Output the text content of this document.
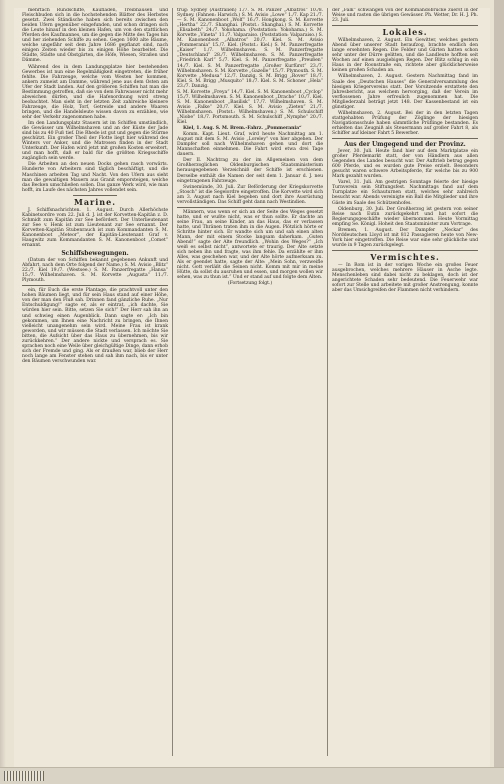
mehrfach Rundschiffe, Kaufladen, Treibhäusen und Fleischbuden sich in die hochstehenden Blätter des Herbstes gesetzt. Zwei Ständische haben sich bereits zwischen den beiden Ufern gegenüber eingefunden, und schon dringen sich die Leute hinauf in den kleinen Hafen, um von den stattlichen Pferden des Kaufmannes, um die gegen die Mitte des Tages hin und her ziehenden Schiffe zu sehen. Gegen 1600 alte Bäume, welche ungefähr seit dem Jahre 1686 gepflanzt sind, nach einigen Zeiten wieder bis zu einigen Höhe bearbeitet. Die Städte, Städte und Obstgärten, die Höfe, Wiesen, Straßen und Dämme.

Während des in dem Landungsplatze hier bestehenden Gewerbes ist nun eine Regelmäßigkeit eingetreten, die früher fehlte. Die Fahrzeuge, welche vom Westen her kommen, ankern zumeist am Damme, während jene aus dem Osten am Ufer der Stadt landen. Auf den größeren Schiffen hat man die Bestimmung getroffen, daß sie von dem Fahrwasser nicht mehr abweichen dürfen, und die Hafenordnung wird streng beobachtet. Man sieht in der letzten Zeit zahlreiche kleinere Fahrzeuge, die Holz, Torf, Getreide und andere Waaren bringen, und die Handelsleute wissen davon zu erzählen, wie sehr der Verkehr zugenommen habe.

Im den Landungsplatz Stauern ist im Schiffen umständlich, die Gewässer um Wilhelmshaven und an der Küste der Jade sind bis zu 40 Fuß tief. Die Rhede ist gut und gegen die Stürme geschützt. Ein großer Theil der Flotte liegt hier während des Winters vor Anker, und die Matrosen finden in der Stadt Unterkunft. Der Hafen wird jetzt mit großen Kosten erweitert, und man hofft, daß er bald für die größten Kriegsschiffe zugänglich sein werde.

Die Arbeiten an den neuen Docks gehen rasch vorwärts. Hunderte von Arbeitern sind täglich beschäftigt, und die Maschinen arbeiten Tag und Nacht. Von den Ufern aus sieht man die gewaltigen Mauern aus Granit emporsteigen, welche das Becken umschließen sollen. Das ganze Werk wird, wie man hofft, im Laufe des nächsten Jahres vollendet sein.

Marine.

J. Schiffsnachrichten. 1. August. Durch Allerhöchste Kabinetsordre vom 22. Juli d. J. ist der Korvetten-Kapitän z. D. Schmidt zum Kapitän zur See befördert. Der Unterlieutenant zur See v. Henk ist zum Lieutenant zur See ernannt. Der Korvetten-Kapitän Stubenrauch ist zum Kommandanten S. M. Kanonenboot „Meteor“, der Kapitän-Lieutenant Graf v. Haugwitz zum Kommandanten S. M. Kanonenboot „Comet“ ernannt.

Schiffsbewegungen.

(Datum der von Schiffen bekannt gegebenen Ankunft und Abfahrt, nach dem Orte folgend der Name.) S. M. Avisio „Blitz“ 22./7. Kiel 19./7. (Westsee.) S. M. Panzerfregatte „Hansa“ 15./7. Wilhelmshaven. S. M. Korvette „Augusta“ 11./7. Plymouth.

ein, für Euch die erste Plantage, die prachtvoll unter den hohen Bäumen liegt, und für sein Haus stand auf einer Höhe, von der man den Fluß sah. Drinnen fand gänzliche Ruhe. „Nur Entschuldigung!“ sagte er, als er eintrat, „ich dachte, Sie würden hier sein. Bitte, setzen Sie sich!“ Der Herr sah ihn an und schwieg einen Augenblick. Dann sagte er: „Ich bin gekommen, um Ihnen eine Nachricht zu bringen, die Ihnen vielleicht unangenehm sein wird. Meine Frau ist krank geworden, und wir müssen die Stadt verlassen. Ich möchte Sie bitten, die Aufsicht über das Haus zu übernehmen, bis wir zurückkehren.“ Der andere nickte und versprach es. Sie sprachen noch eine Weile über gleichgültige Dinge, dann erhob sich der Fremde und ging. Als er draußen war, blieb der Herr noch lange am Fenster stehen und sah ihm nach, bis er unter den Bäumen verschwunden war.

trug: Sydney (Australien) 1./7. S. M. Panzer „Albatros“ 10./8. Sydney. (Fahnen: Harwich.) S. M. Avisio „Lowe“ 1./7. Kap 21./7. — S. M. Kanonenboot „Wolf“ 16./7. Hongkong. S. M. Korvette „Hertha“ 22./7. Shanghai. (Postst.: Shanghai.) S. M. Korvette „Elisabeth“ 24./7. Yokohama. (Poststation: Yokohama.) S. M. Korvette „Vineta“ 11./7. Valparaiso. (Poststation: Valparaiso.) S. M. Kanonenboot „Albatros“ 20./7. Kiel. S. M. Avisio „Pommerania“ 15./7. Kiel. (Postst.: Kiel.) S. M. Panzerfregatte „Kaiser“ 1./7. Wilhelmshaven. S. M. Panzerfregatte „Deutschland“ 28./7. Wilhelmshaven. S. M. Panzerfregatte „Friedrich Karl“ 5./7. Kiel. S. M. Panzerfregatte „Preußen“ 14./7. Kiel. S. M. Panzerfregatte „Großer Kurfürst“ 23./7. Wilhelmshaven. S. M. Korvette „Gazelle“ 15./7. Plymouth. S. M. Korvette „Medusa“ 12./7. Danzig. S. M. Brigg „Rover“ 18./7. Kiel. S. M. Brigg „Musquito“ 18./7. Kiel. S. M. Schoner „Hela“ 23./7. Danzig.

S. M. Korvette „Freya“ 14./7. Kiel. S. M. Kanonenboot „Cyclop“ 15./7. Wilhelmshaven. S. M. Kanonenboot „Drache“ 10./7. Kiel. S. M. Kanonenboot „Basilisk“ 17./7. Wilhelmshaven. S. M. Avisio „Falke“ 20./7. Kiel. S. M. Avisio „Zieten“ 21./7. Wilhelmshaven. (Postst.: Wilhelmshaven.) S. M. Schulschiff „Niobe“ 18./7. Portsmouth. S. M. Schulschiff „Nymphe“ 20./7. Kiel.

Kiel, 1. Aug. S. M. Brem.-Fahrz. „Pommerania“

Komm. Kapt. Lieut. Graf, wird heute Nachmittag am 1. August mit dem S. M. Avisio „Loreley“ von hier abgehen. Der Dampfer soll nach Wilhelmshaven gehen und dort die Mannschaften einnehmen. Die Fahrt wird etwa drei Tage dauern.

Der II. Nachtrag zu der im Allgemeinen von dem Großherzoglichen Oldenburgischen Staatsministerium herausgegebenen Verzeichniß der Schiffe ist erschienen. Derselbe enthält die Namen der seit dem 1. Januar d. J. neu eingetragenen Fahrzeuge.

Swinemünde, 30. Juli. Zur Beförderung der Kriegskorvette „Stosch“ ist die Segelordre eingetroffen. Die Korvette wird sich am 3. August nach Kiel begeben und dort ihre Ausrüstung vervollständigen. Das Schiff geht dann nach Westindien.

Männern, was wenn er sich an der Seite des Weges gesetzt hatte, und er wußte nicht, was er thun sollte. Er dachte an seine Frau, an seine Kinder, an das Haus, das er verlassen hatte, und Thränen traten ihm in die Augen. Plötzlich hörte er Schritte hinter sich. Er wandte sich um und sah einen alten Mann, der mit einem Stocke langsam daherkam. „Guten Abend!“ sagte der Alte freundlich. „Wohin des Weges?“ „Ich weiß es selbst nicht“, antwortete er traurig. Der Alte setzte sich neben ihn und fragte, was ihm fehle. Da erzählte er ihm Alles, was geschehen war, und der Alte hörte aufmerksam zu. Als er geendet hatte, sagte der Alte: „Mein Sohn, verzweifle nicht. Gott verläßt die Seinen nicht. Komm mit mir in meine Hütte, da sollst du ausruhen und essen, und morgen wollen wir sehen, was zu thun ist.“ Und er stand auf und folgte dem Alten.

(Fortsetzung folgt.)

der „Falk“ schwangen von der Kommandobrücke zuerst in der Weise und rasten die übrigen Gewässer. Ph. Wetter, Dr. H. J. Ph. 23. Juli.

Lokales.

Wilhelmshaven, 2. August. Ein Gewitter, welches gestern Abend über unserer Stadt heraufzog, brachte endlich den lange ersehnten Regen. Die Felder und Gärten hatten schon sehr unter der Dürre gelitten, und die Landleute hofften seit Wochen auf einen ausgiebigen Regen. Der Blitz schlug in ein Haus in der Roonstraße ein, richtete aber glücklicherweise keinen großen Schaden an.

Wilhelmshaven, 2. August. Gestern Nachmittag fand im Saale des „Deutschen Hauses“ die Generalversammlung des hiesigen Kriegervereins statt. Der Vorsitzende erstattete den Jahresbericht, aus welchem hervorging, daß der Verein im verflossenen Jahre erfreulich zugenommen hat. Die Mitgliederzahl beträgt jetzt 148. Der Kassenbestand ist ein günstiger.

Wilhelmshaven, 2. August. Bei der in den letzten Tagen stattgehabten Prüfung der Zöglinge der hiesigen Navigationsschule haben sämmtliche Prüflinge bestanden. Es erhielten das Zeugniß als Steuermann auf großer Fahrt 8, als Schiffer auf kleiner Fahrt 5 Bewerber.

Aus der Umgegend und der Provinz.

Jever, 30. Juli. Heute fand hier auf dem Marktplatze ein großer Pferdemarkt statt, der von Händlern aus allen Gegenden des Landes besucht war. Der Auftrieb betrug gegen 600 Pferde, und es wurden gute Preise erzielt. Besonders gesucht waren schwere Arbeitspferde, für welche bis zu 900 Mark gezahlt wurden.

Varel, 31. Juli. Am gestrigen Sonntage feierte der hiesige Turnverein sein Stiftungsfest. Nachmittags fand auf dem Turnplatze ein Schauturnen statt, welches sehr zahlreich besucht war. Abends vereinigte ein Ball die Mitglieder und ihre Gäste im Saale des Schützenhofes.

Oldenburg, 30. Juli. Der Großherzog ist gestern von seiner Reise nach Eutin zurückgekehrt und hat sofort die Regierungsgeschäfte wieder übernommen. Heute Vormittag empfing Se. Königl. Hoheit den Staatsminister zum Vortrage.

Bremen, 1. August. Der Dampfer „Neckar“ des Norddeutschen Lloyd ist mit 812 Passagieren heute von New-York hier eingetroffen. Die Reise war eine sehr glückliche und wurde in 9 Tagen zurückgelegt.

Vermischtes.

— In Rom ist in der vorigen Woche ein großes Feuer ausgebrochen, welches mehrere Häuser in Asche legte. Menschenleben sind dabei nicht zu beklagen, doch ist der angerichtete Schaden sehr bedeutend. Die Feuerwehr war sofort zur Stelle und arbeitete mit großer Anstrengung, konnte aber das Umsichgreifen der Flammen nicht verhindern.
